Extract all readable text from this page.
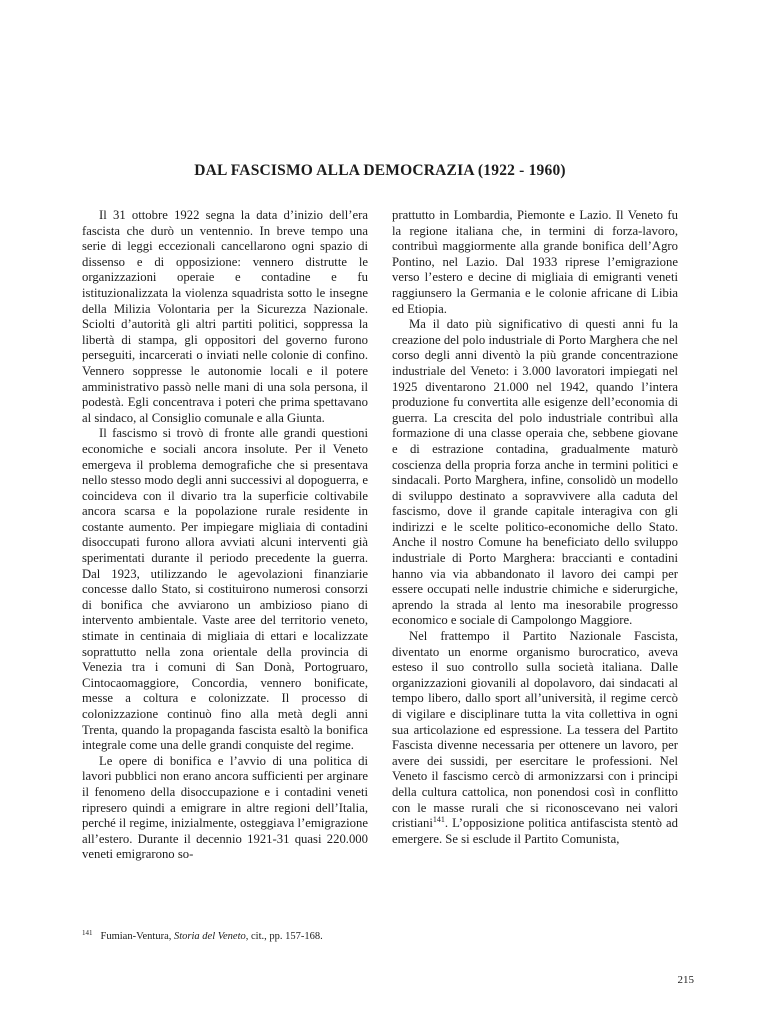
DAL FASCISMO ALLA DEMOCRAZIA (1922 - 1960)

Il 31 ottobre 1922 segna la data d’inizio dell’era fascista che durò un ventennio. In breve tempo una serie di leggi eccezionali cancellarono ogni spazio di dissenso e di opposizione: vennero distrutte le organizzazioni operaie e contadine e fu istituzionalizzata la violenza squadrista sotto le insegne della Milizia Volontaria per la Sicurezza Nazionale. Sciolti d’autorità gli altri partiti politici, soppressa la libertà di stampa, gli oppositori del governo furono perseguiti, incarcerati o inviati nelle colonie di confino. Vennero soppresse le autonomie locali e il potere amministrativo passò nelle mani di una sola persona, il podestà. Egli concentrava i poteri che prima spettavano al sindaco, al Consiglio comunale e alla Giunta.

Il fascismo si trovò di fronte alle grandi questioni economiche e sociali ancora insolute. Per il Veneto emergeva il problema demografiche che si presentava nello stesso modo degli anni successivi al dopoguerra, e coincideva con il divario tra la superficie coltivabile ancora scarsa e la popolazione rurale residente in costante aumento. Per impiegare migliaia di contadini disoccupati furono allora avviati alcuni interventi già sperimentati durante il periodo precedente la guerra. Dal 1923, utilizzando le agevolazioni finanziarie concesse dallo Stato, si costituirono numerosi consorzi di bonifica che avviarono un ambizioso piano di intervento ambientale. Vaste aree del territorio veneto, stimate in centinaia di migliaia di ettari e localizzate soprattutto nella zona orientale della provincia di Venezia tra i comuni di San Donà, Portogruaro, Cintocaomaggiore, Concordia, vennero bonificate, messe a coltura e colonizzate. Il processo di colonizzazione continuò fino alla metà degli anni Trenta, quando la propaganda fascista esaltò la bonifica integrale come una delle grandi conquiste del regime.

Le opere di bonifica e l’avvio di una politica di lavori pubblici non erano ancora sufficienti per arginare il fenomeno della disoccupazione e i contadini veneti ripresero quindi a emigrare in altre regioni dell’Italia, perché il regime, inizialmente, osteggiava l’emigrazione all’estero. Durante il decennio 1921-31 quasi 220.000 veneti emigrarono so-

prattutto in Lombardia, Piemonte e Lazio. Il Veneto fu la regione italiana che, in termini di forza-lavoro, contribuì maggiormente alla grande bonifica dell’Agro Pontino, nel Lazio. Dal 1933 riprese l’emigrazione verso l’estero e decine di migliaia di emigranti veneti raggiunsero la Germania e le colonie africane di Libia ed Etiopia.

Ma il dato più significativo di questi anni fu la creazione del polo industriale di Porto Marghera che nel corso degli anni diventò la più grande concentrazione industriale del Veneto: i 3.000 lavoratori impiegati nel 1925 diventarono 21.000 nel 1942, quando l’intera produzione fu convertita alle esigenze dell’economia di guerra. La crescita del polo industriale contribuì alla formazione di una classe operaia che, sebbene giovane e di estrazione contadina, gradualmente maturò coscienza della propria forza anche in termini politici e sindacali. Porto Marghera, infine, consolidò un modello di sviluppo destinato a sopravvivere alla caduta del fascismo, dove il grande capitale interagiva con gli indirizzi e le scelte politico-economiche dello Stato. Anche il nostro Comune ha beneficiato dello sviluppo industriale di Porto Marghera: braccianti e contadini hanno via via abbandonato il lavoro dei campi per essere occupati nelle industrie chimiche e siderurgiche, aprendo la strada al lento ma inesorabile progresso economico e sociale di Campolongo Maggiore.

Nel frattempo il Partito Nazionale Fascista, diventato un enorme organismo burocratico, aveva esteso il suo controllo sulla società italiana. Dalle organizzazioni giovanili al dopolavoro, dai sindacati al tempo libero, dallo sport all’università, il regime cercò di vigilare e disciplinare tutta la vita collettiva in ogni sua articolazione ed espressione. La tessera del Partito Fascista divenne necessaria per ottenere un lavoro, per avere dei sussidi, per esercitare le professioni. Nel Veneto il fascismo cercò di armonizzarsi con i principi della cultura cattolica, non ponendosi così in conflitto con le masse rurali che si riconoscevano nei valori cristiani$^{141}$. L’opposizione politica antifascista stentò ad emergere. Se si esclude il Partito Comunista,

$^{141}$ Fumian-Ventura, Storia del Veneto, cit., pp. 157-168.
215
